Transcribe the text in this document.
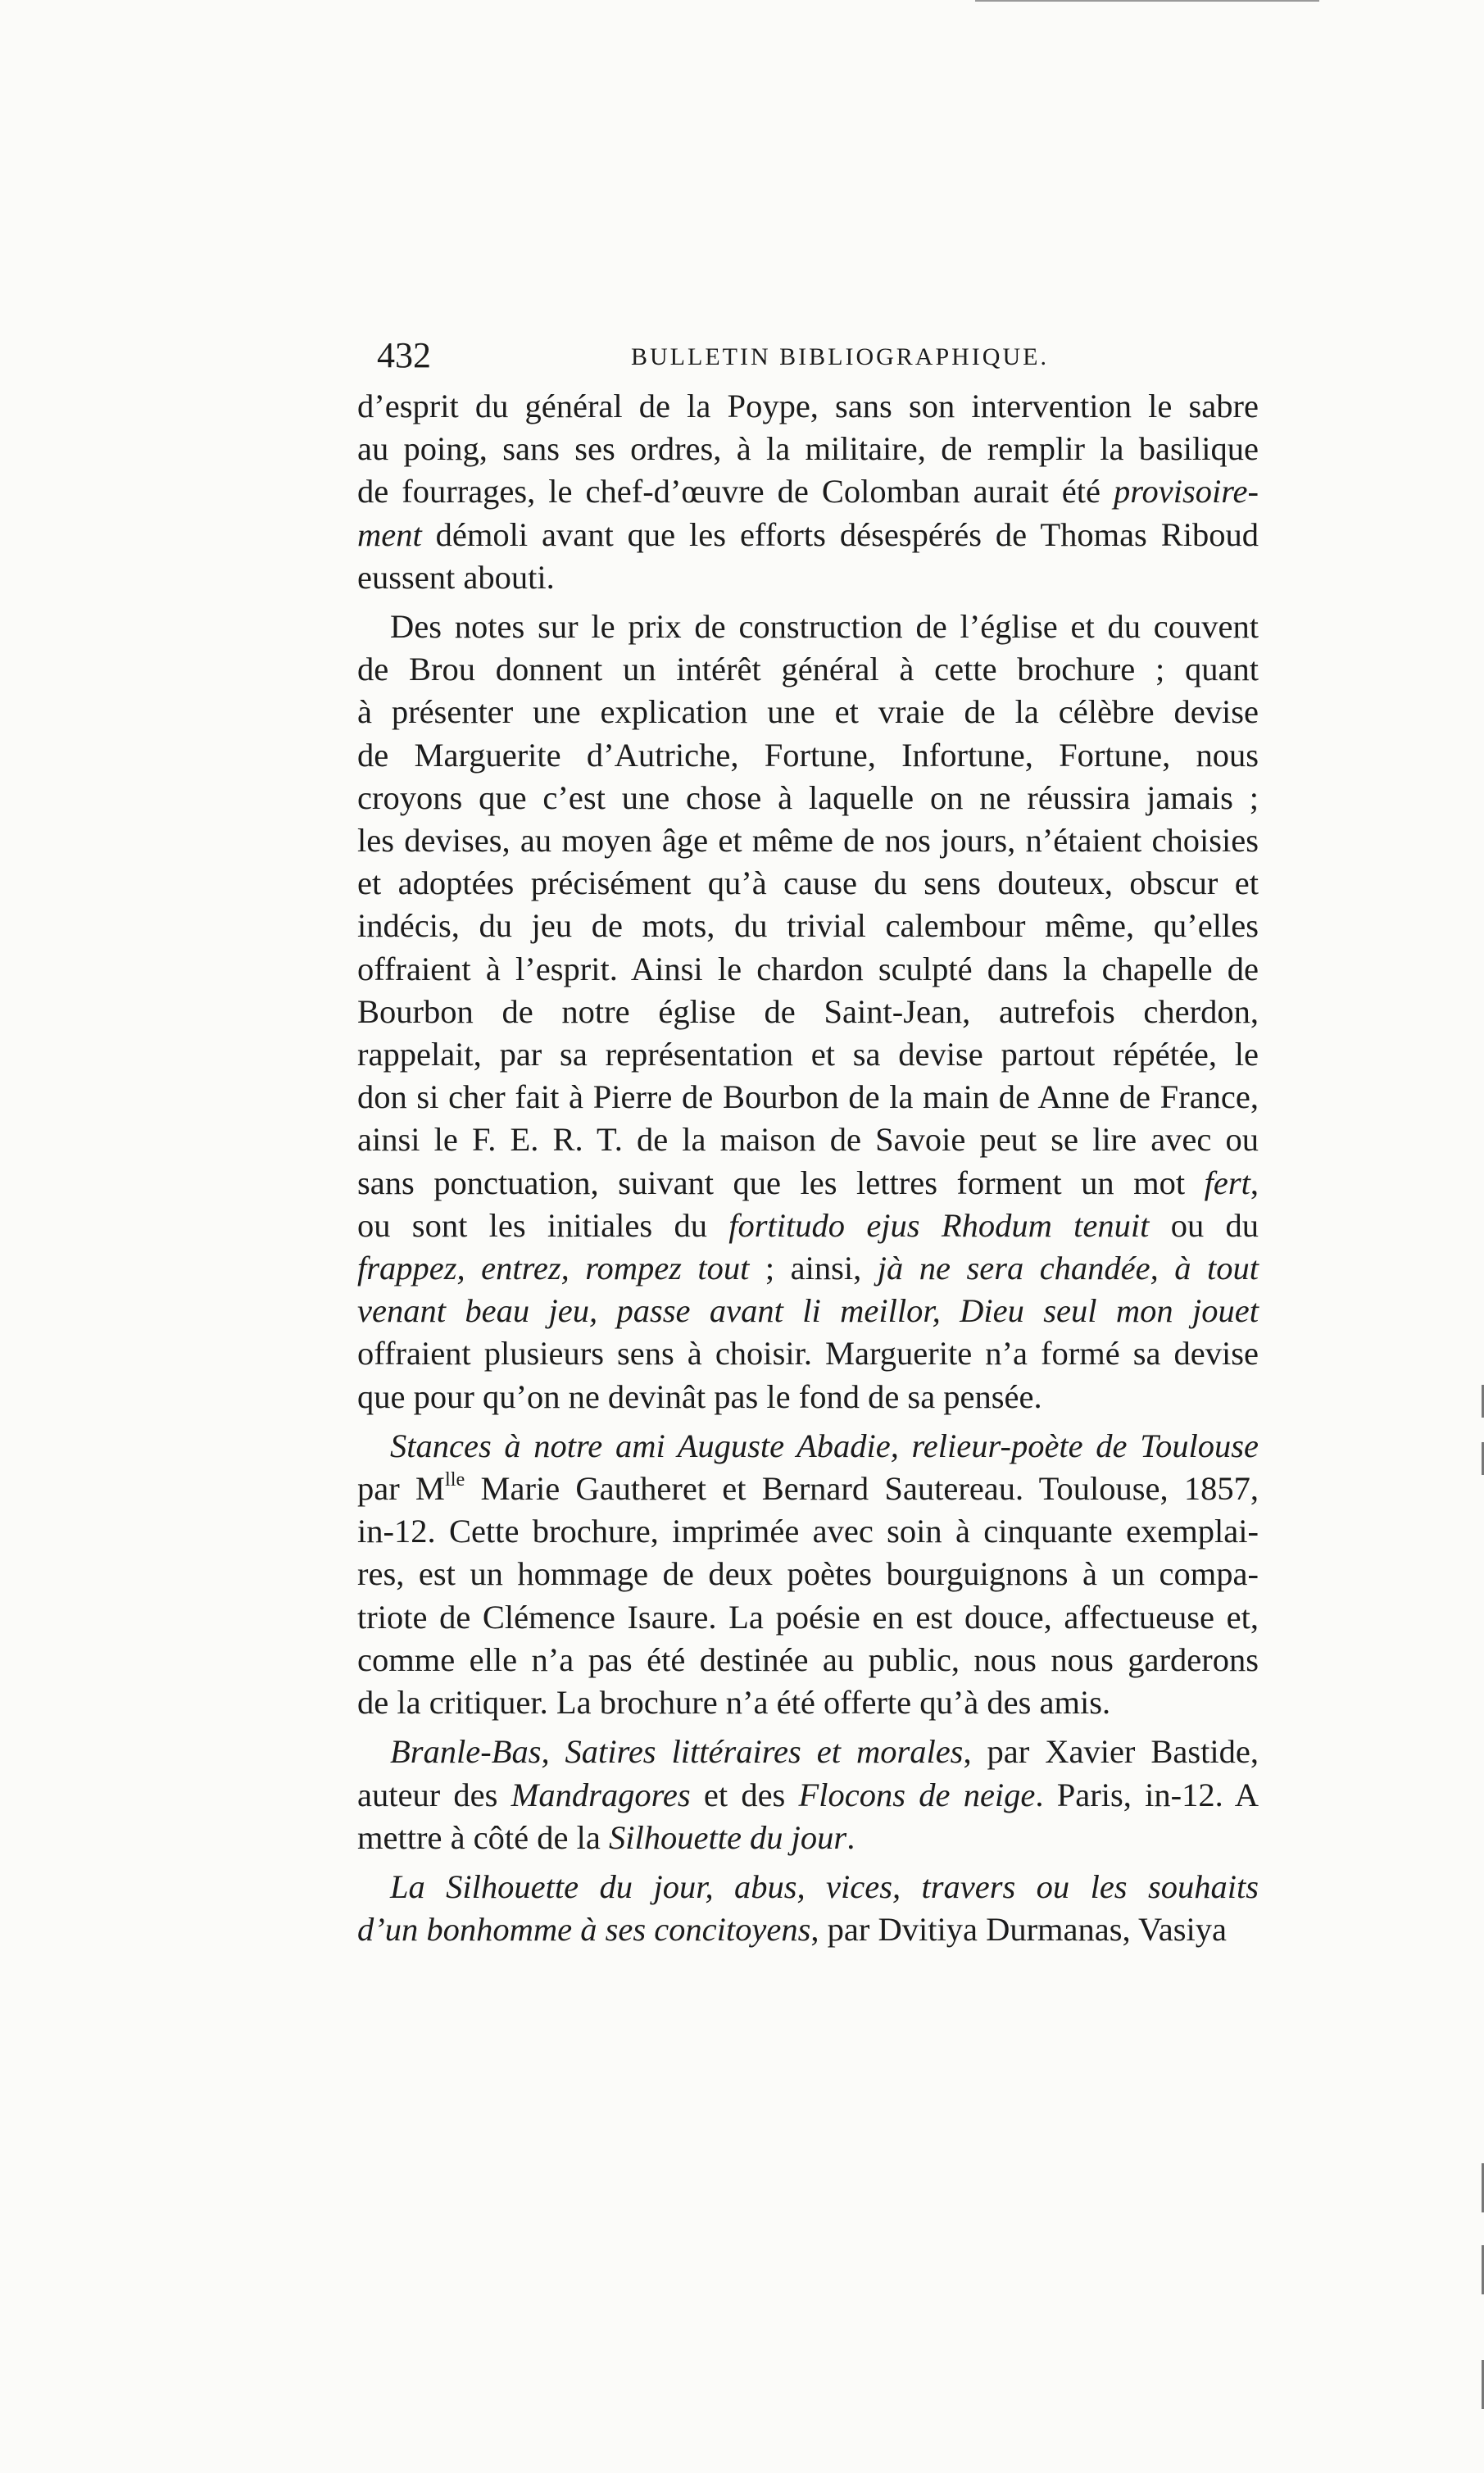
432	BULLETIN BIBLIOGRAPHIQUE.
d’esprit du général de la Poype, sans son intervention le sabre
au poing, sans ses ordres, à la militaire, de remplir la basilique
de fourrages, le chef-d’œuvre de Colomban aurait été provisoire-
ment démoli avant que les efforts désespérés de Thomas Riboud
eussent abouti.
Des notes sur le prix de construction de l’église et du couvent
de Brou donnent un intérêt général à cette brochure ; quant
à présenter une explication une et vraie de la célèbre devise
de Marguerite d’Autriche, Fortune, Infortune, Fortune, nous
croyons que c’est une chose à laquelle on ne réussira jamais ;
les devises, au moyen âge et même de nos jours, n’étaient choisies
et adoptées précisément qu’à cause du sens douteux, obscur et
indécis, du jeu de mots, du trivial calembour même, qu’elles
offraient à l’esprit. Ainsi le chardon sculpté dans la chapelle de
Bourbon de notre église de Saint-Jean, autrefois cherdon,
rappelait, par sa représentation et sa devise partout répétée, le
don si cher fait à Pierre de Bourbon de la main de Anne de France,
ainsi le F. E. R. T. de la maison de Savoie peut se lire avec ou
sans ponctuation, suivant que les lettres forment un mot fert,
ou sont les initiales du fortitudo ejus Rhodum tenuit ou du
frappez, entrez, rompez tout ; ainsi, jà ne sera chandée, à tout
venant beau jeu, passe avant li meillor, Dieu seul mon jouet
offraient plusieurs sens à choisir. Marguerite n’a formé sa devise
que pour qu’on ne devinât pas le fond de sa pensée.
Stances à notre ami Auguste Abadie, relieur-poète de Toulouse
par $M^{lle}$ Marie Gautheret et Bernard Sautereau. Toulouse, 1857,
in-12. Cette brochure, imprimée avec soin à cinquante exemplai-
res, est un hommage de deux poètes bourguignons à un compa-
triote de Clémence Isaure. La poésie en est douce, affectueuse et,
comme elle n’a pas été destinée au public, nous nous garderons
de la critiquer. La brochure n’a été offerte qu’à des amis.
Branle-Bas, Satires littéraires et morales, par Xavier Bastide,
auteur des Mandragores et des Flocons de neige. Paris, in-12. A
mettre à côté de la Silhouette du jour.
La Silhouette du jour, abus, vices, travers ou les souhaits
d’un bonhomme à ses concitoyens, par Dvitiya Durmanas, Vasiya
